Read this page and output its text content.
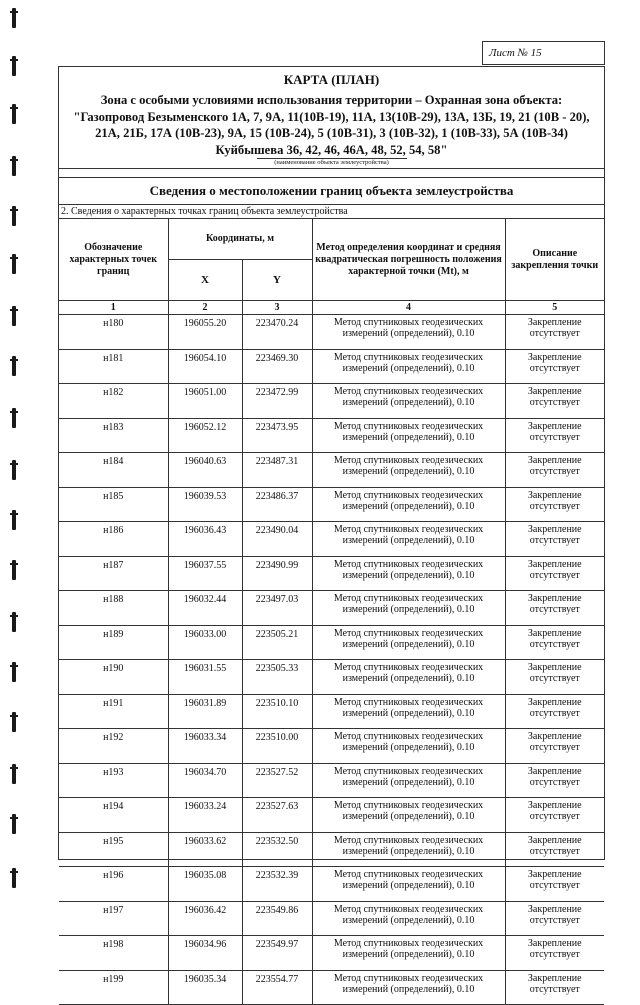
Лист № 15
КАРТА (ПЛАН)
Зона с особыми условиями использования территории – Охранная зона объекта: "Газопровод Безыменского 1А, 7, 9А, 11(10В-19), 11А, 13(10В-29), 13А, 13Б, 19, 21 (10В - 20), 21А, 21Б, 17А (10В-23), 9А, 15 (10В-24), 5 (10В-31), 3 (10В-32), 1 (10В-33), 5А (10В-34) Куйбышева 36, 42, 46, 46А, 48, 52, 54, 58"
(наименование объекта землеустройства)
Сведения о местоположении границ объекта землеустройства
2. Сведения о характерных точках границ объекта землеустройства
Обозначение характерных точек границ	Координаты, м		Метод определения координат и средняя квадратическая погрешность положения характерной точки (Mt), м	Описание закрепления точки
	X	Y		
1	2	3	4	5
н180	196055.20	223470.24	Метод спутниковых геодезических измерений (определений), 0.10	Закрепление отсутствует
н181	196054.10	223469.30	Метод спутниковых геодезических измерений (определений), 0.10	Закрепление отсутствует
н182	196051.00	223472.99	Метод спутниковых геодезических измерений (определений), 0.10	Закрепление отсутствует
н183	196052.12	223473.95	Метод спутниковых геодезических измерений (определений), 0.10	Закрепление отсутствует
н184	196040.63	223487.31	Метод спутниковых геодезических измерений (определений), 0.10	Закрепление отсутствует
н185	196039.53	223486.37	Метод спутниковых геодезических измерений (определений), 0.10	Закрепление отсутствует
н186	196036.43	223490.04	Метод спутниковых геодезических измерений (определений), 0.10	Закрепление отсутствует
н187	196037.55	223490.99	Метод спутниковых геодезических измерений (определений), 0.10	Закрепление отсутствует
н188	196032.44	223497.03	Метод спутниковых геодезических измерений (определений), 0.10	Закрепление отсутствует
н189	196033.00	223505.21	Метод спутниковых геодезических измерений (определений), 0.10	Закрепление отсутствует
н190	196031.55	223505.33	Метод спутниковых геодезических измерений (определений), 0.10	Закрепление отсутствует
н191	196031.89	223510.10	Метод спутниковых геодезических измерений (определений), 0.10	Закрепление отсутствует
н192	196033.34	223510.00	Метод спутниковых геодезических измерений (определений), 0.10	Закрепление отсутствует
н193	196034.70	223527.52	Метод спутниковых геодезических измерений (определений), 0.10	Закрепление отсутствует
н194	196033.24	223527.63	Метод спутниковых геодезических измерений (определений), 0.10	Закрепление отсутствует
н195	196033.62	223532.50	Метод спутниковых геодезических измерений (определений), 0.10	Закрепление отсутствует
н196	196035.08	223532.39	Метод спутниковых геодезических измерений (определений), 0.10	Закрепление отсутствует
н197	196036.42	223549.86	Метод спутниковых геодезических измерений (определений), 0.10	Закрепление отсутствует
н198	196034.96	223549.97	Метод спутниковых геодезических измерений (определений), 0.10	Закрепление отсутствует
н199	196035.34	223554.77	Метод спутниковых геодезических измерений (определений), 0.10	Закрепление отсутствует
